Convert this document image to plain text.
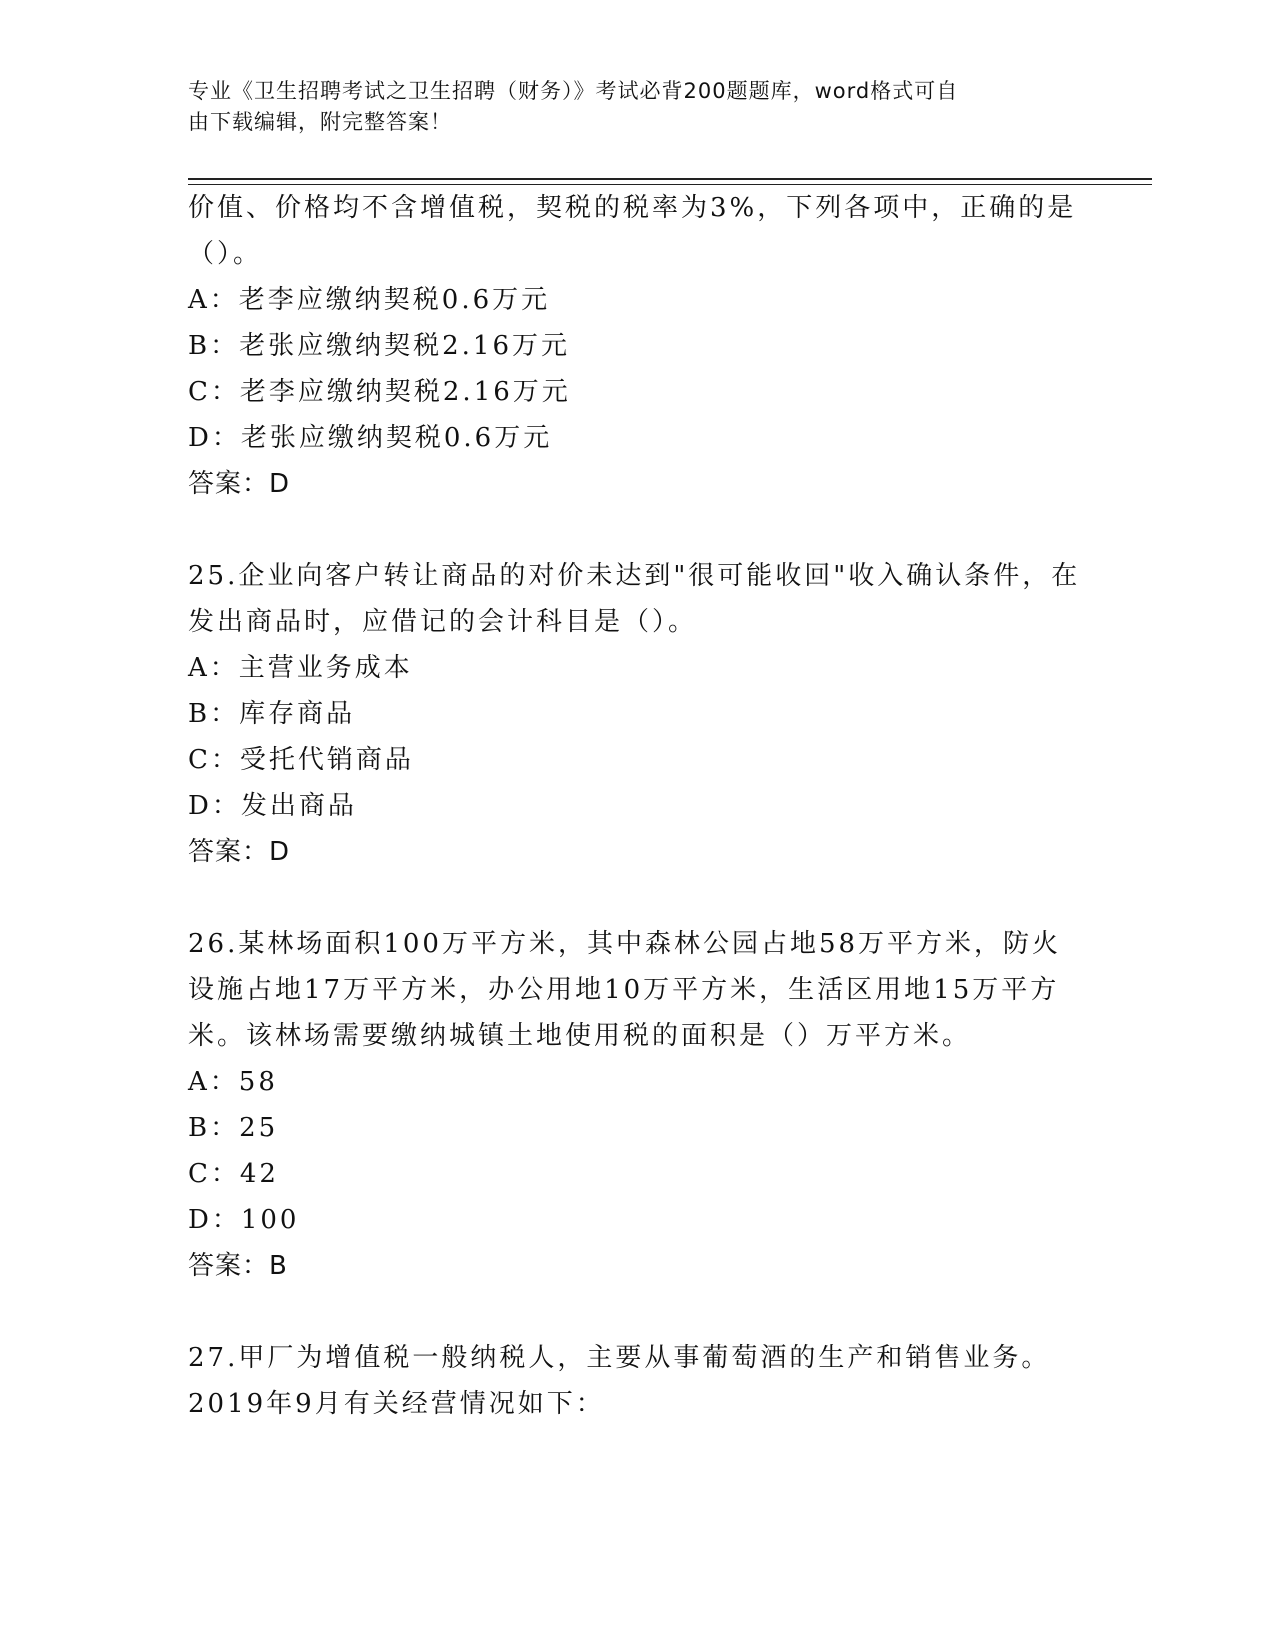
专业《卫生招聘考试之卫生招聘（财务）》考试必背200题题库，word格式可自
由下载编辑，附完整答案！
价值、价格均不含增值税，契税的税率为3%，下列各项中，正确的是
（）。
A：老李应缴纳契税0.6万元
B：老张应缴纳契税2.16万元
C：老李应缴纳契税2.16万元
D：老张应缴纳契税0.6万元
答案：D
25.企业向客户转让商品的对价未达到"很可能收回"收入确认条件，在
发出商品时，应借记的会计科目是（）。
A：主营业务成本
B：库存商品
C：受托代销商品
D：发出商品
答案：D
26.某林场面积100万平方米，其中森林公园占地58万平方米，防火
设施占地17万平方米，办公用地10万平方米，生活区用地15万平方
米。该林场需要缴纳城镇土地使用税的面积是（）万平方米。
A：58
B：25
C：42
D：100
答案：B
27.甲厂为增值税一般纳税人，主要从事葡萄酒的生产和销售业务。
2019年9月有关经营情况如下：
